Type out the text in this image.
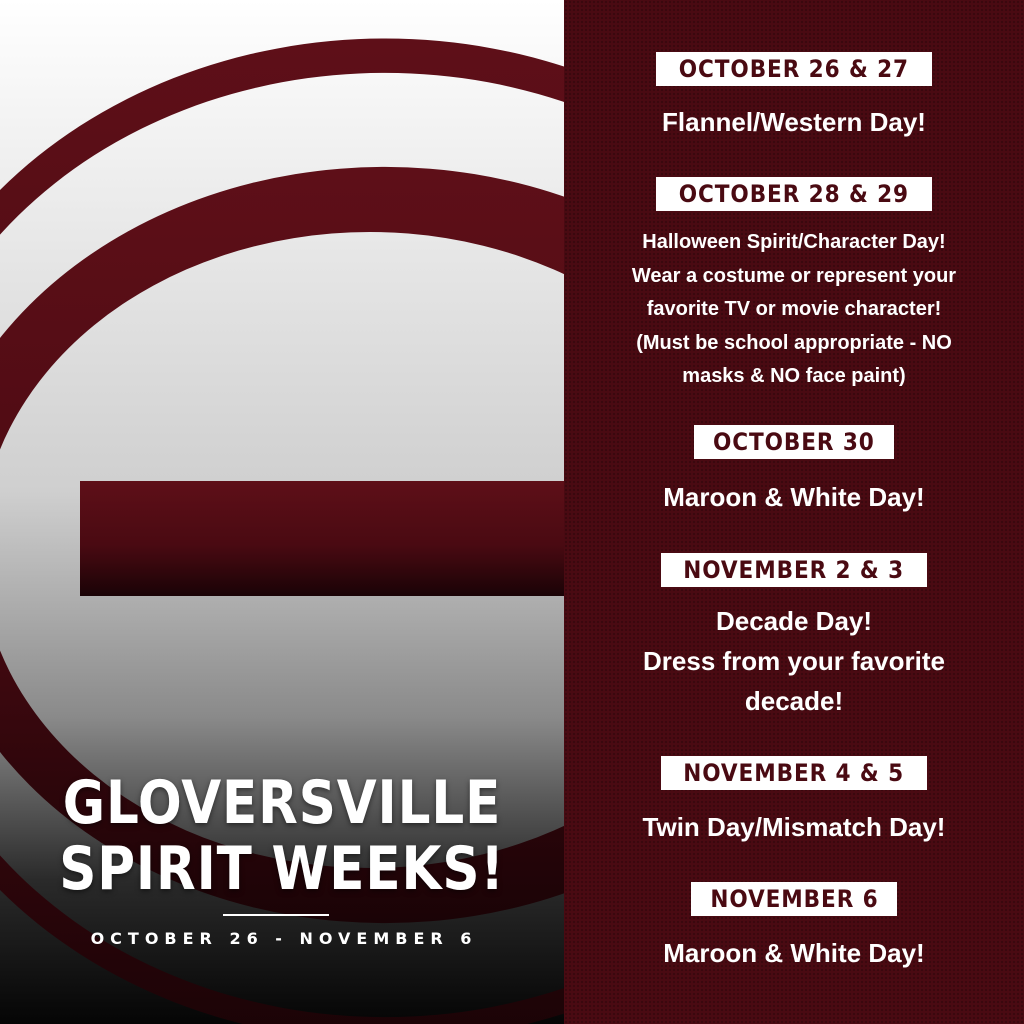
GLOVERSVILLE
SPIRIT WEEKS!
OCTOBER 26 - NOVEMBER 6
OCTOBER 26 & 27
Flannel/Western Day!
OCTOBER 28 & 29
Halloween Spirit/Character Day!
Wear a costume or represent your
favorite TV or movie character!
(Must be school appropriate - NO
masks & NO face paint)
OCTOBER 30
Maroon & White Day!
NOVEMBER 2 & 3
Decade Day!
Dress from your favorite
decade!
NOVEMBER 4 & 5
Twin Day/Mismatch Day!
NOVEMBER 6
Maroon & White Day!
